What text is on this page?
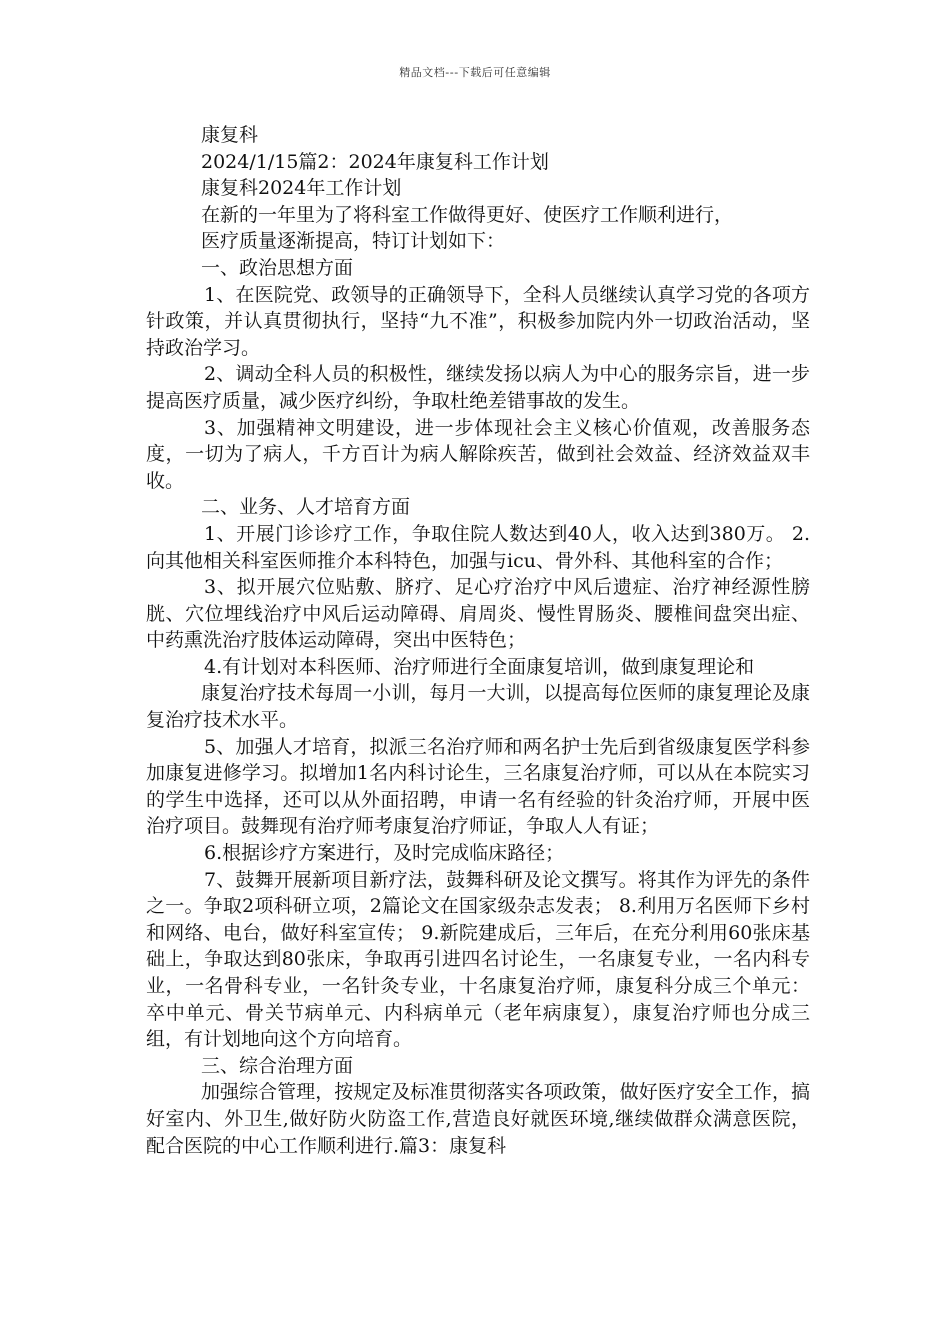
精品文档---下载后可任意编辑

康复科

2024/1/15篇2：2024年康复科工作计划

康复科2024年工作计划

在新的一年里为了将科室工作做得更好、使医疗工作顺利进行，

医疗质量逐渐提高，特订计划如下：

一、政治思想方面

1、在医院党、政领导的正确领导下，全科人员继续认真学习党的各项方针政策，并认真贯彻执行，坚持“九不准”，积极参加院内外一切政治活动，坚持政治学习。

2、调动全科人员的积极性，继续发扬以病人为中心的服务宗旨，进一步提高医疗质量，减少医疗纠纷，争取杜绝差错事故的发生。

3、加强精神文明建设，进一步体现社会主义核心价值观，改善服务态度，一切为了病人，千方百计为病人解除疾苦，做到社会效益、经济效益双丰收。

二、业务、人才培育方面

1、开展门诊诊疗工作，争取住院人数达到40人，收入达到380万。 2.向其他相关科室医师推介本科特色，加强与icu、骨外科、其他科室的合作；

3、拟开展穴位贴敷、脐疗、足心疗治疗中风后遗症、治疗神经源性膀胱、穴位埋线治疗中风后运动障碍、肩周炎、慢性胃肠炎、腰椎间盘突出症、中药熏洗治疗肢体运动障碍，突出中医特色；

4.有计划对本科医师、治疗师进行全面康复培训，做到康复理论和

康复治疗技术每周一小训，每月一大训，以提高每位医师的康复理论及康复治疗技术水平。

5、加强人才培育，拟派三名治疗师和两名护士先后到省级康复医学科参加康复进修学习。拟增加1名内科讨论生，三名康复治疗师，可以从在本院实习的学生中选择，还可以从外面招聘，申请一名有经验的针灸治疗师，开展中医治疗项目。鼓舞现有治疗师考康复治疗师证，争取人人有证；

6.根据诊疗方案进行，及时完成临床路径；

7、鼓舞开展新项目新疗法，鼓舞科研及论文撰写。将其作为评先的条件之一。争取2项科研立项，2篇论文在国家级杂志发表； 8.利用万名医师下乡村和网络、电台，做好科室宣传； 9.新院建成后，三年后，在充分利用60张床基础上，争取达到80张床，争取再引进四名讨论生，一名康复专业，一名内科专业，一名骨科专业，一名针灸专业，十名康复治疗师，康复科分成三个单元：卒中单元、骨关节病单元、内科病单元（老年病康复），康复治疗师也分成三组，有计划地向这个方向培育。

三、综合治理方面

加强综合管理，按规定及标准贯彻落实各项政策，做好医疗安全工作，搞好室内、外卫生,做好防火防盗工作,营造良好就医环境,继续做群众满意医院，配合医院的中心工作顺利进行.篇3：康复科
